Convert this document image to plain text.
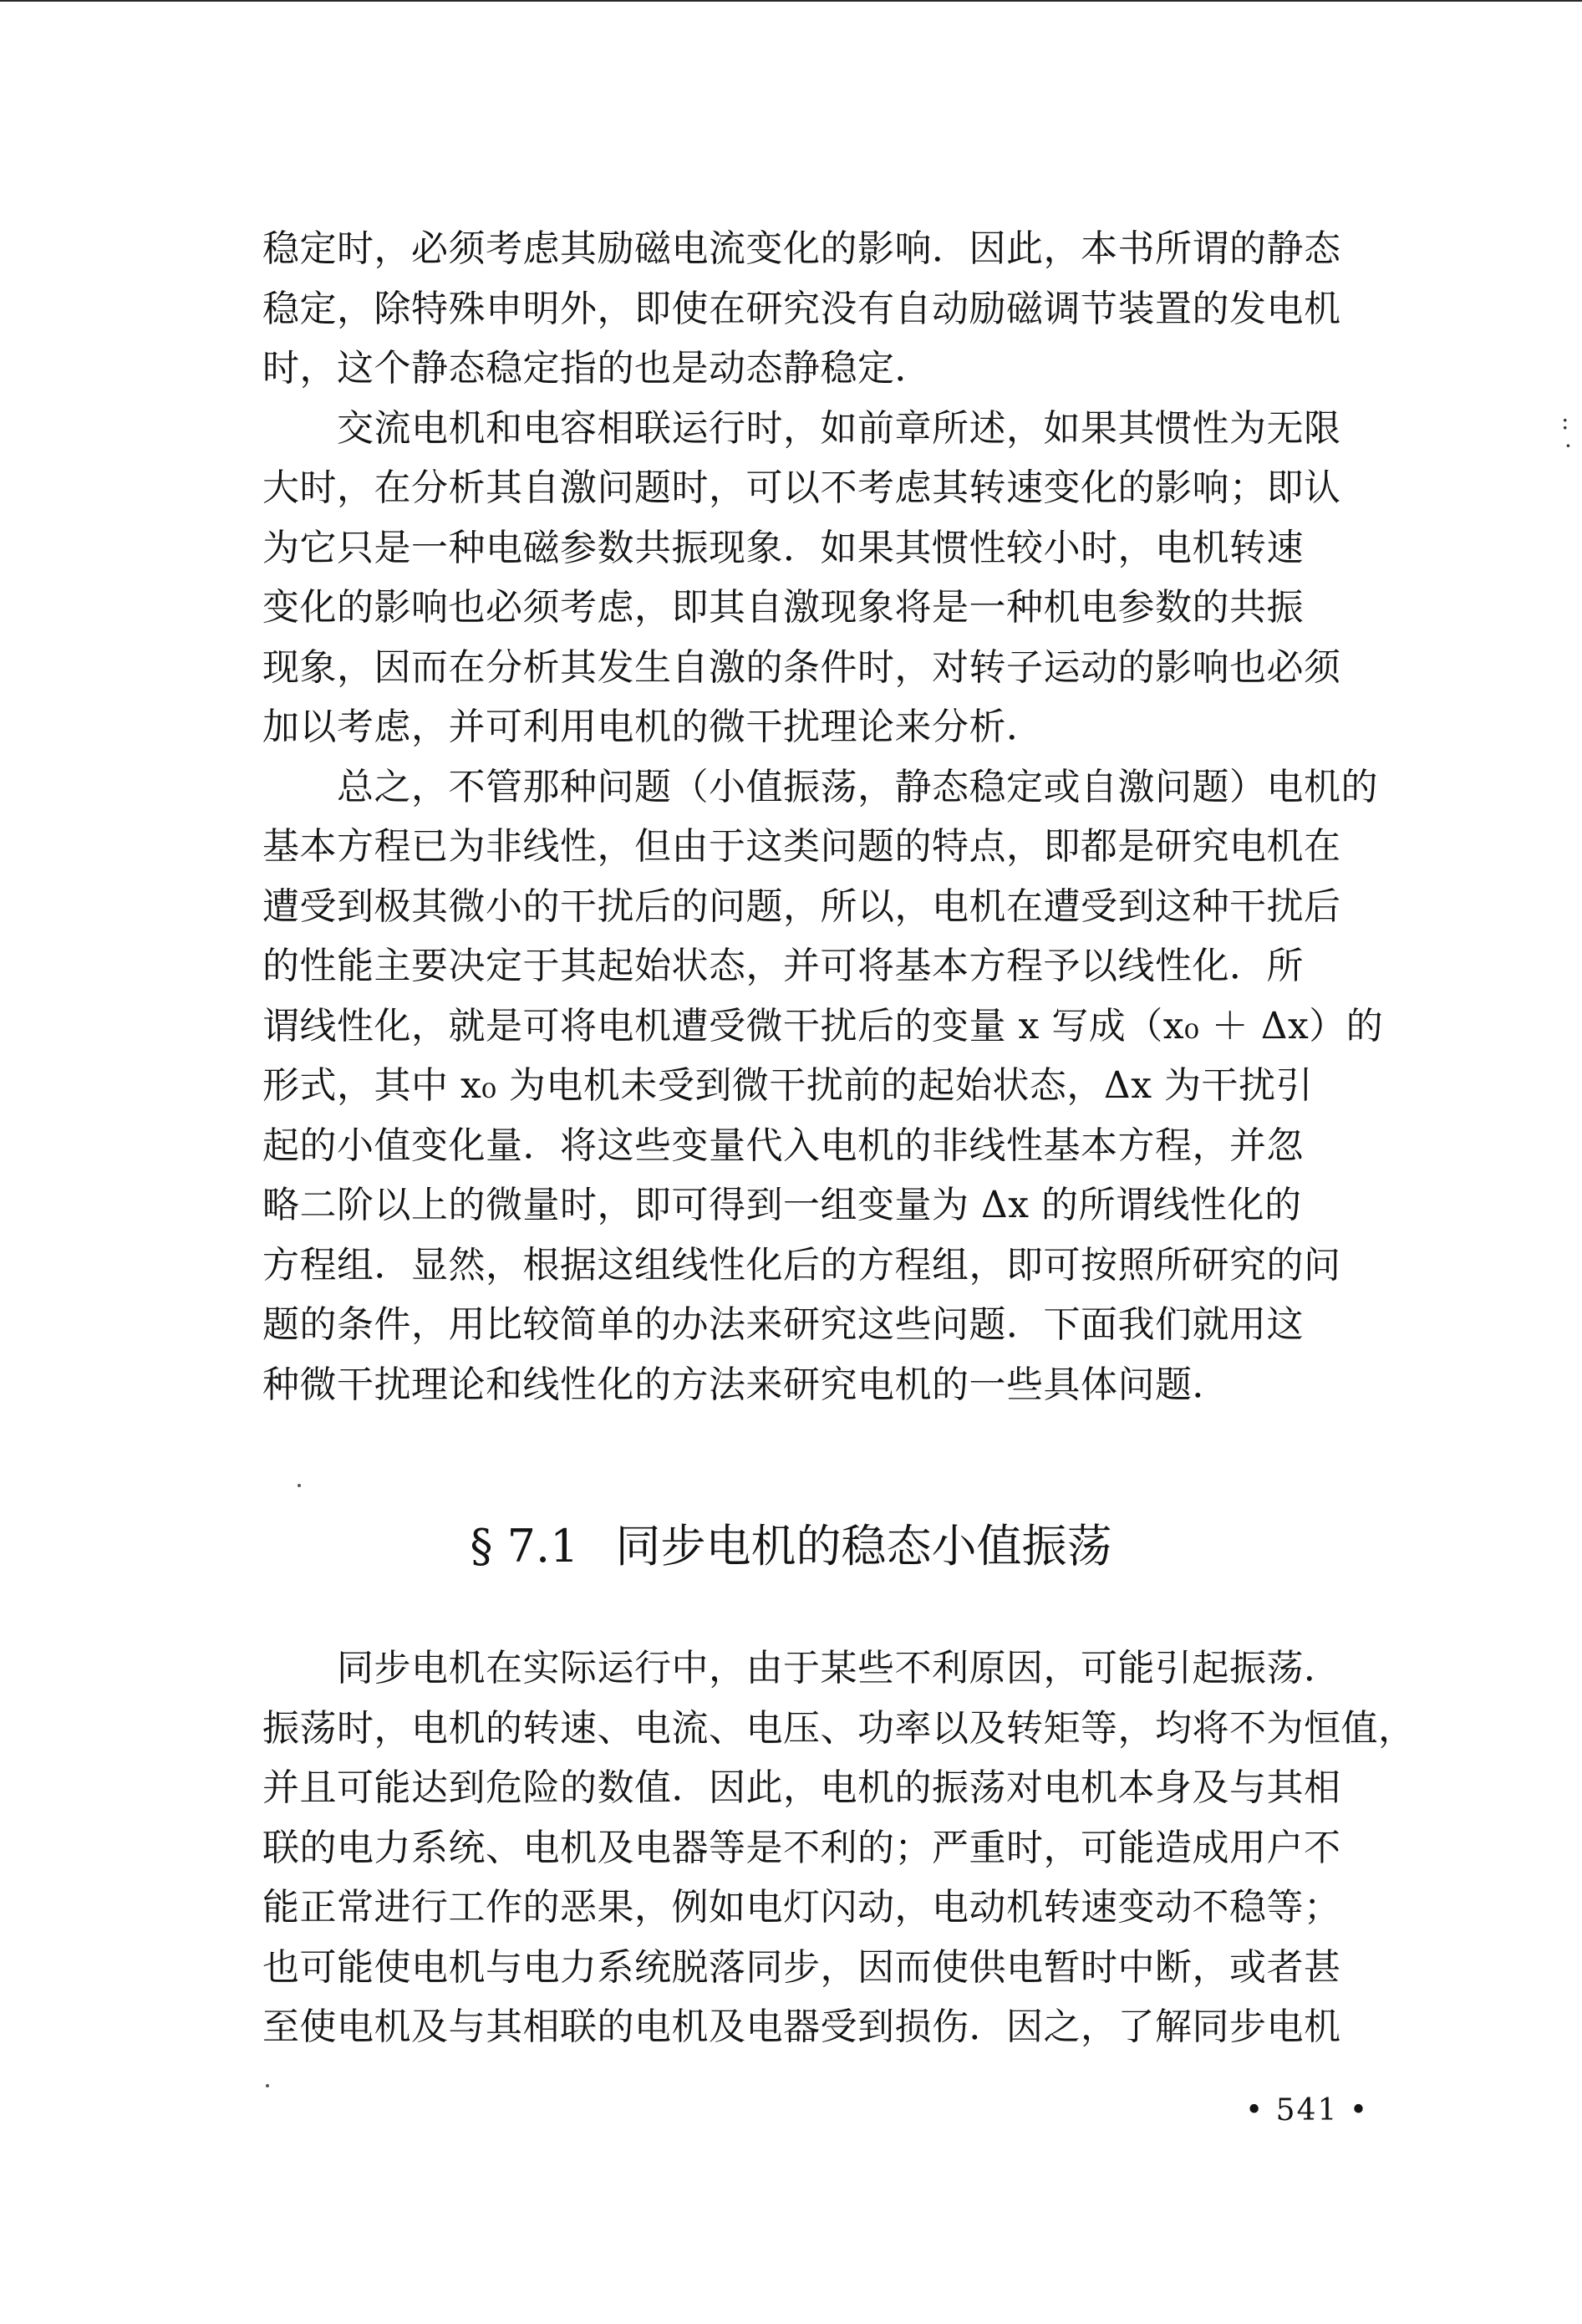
稳定时，必须考虑其励磁电流变化的影响．因此，本书所谓的静态
稳定，除特殊申明外，即使在研究没有自动励磁调节装置的发电机
时，这个静态稳定指的也是动态静稳定．
　　交流电机和电容相联运行时，如前章所述，如果其惯性为无限
大时，在分析其自激问题时，可以不考虑其转速变化的影响；即认
为它只是一种电磁参数共振现象．如果其惯性较小时，电机转速
变化的影响也必须考虑，即其自激现象将是一种机电参数的共振
现象，因而在分析其发生自激的条件时，对转子运动的影响也必须
加以考虑，并可利用电机的微干扰理论来分析．
　　总之，不管那种问题（小值振荡，静态稳定或自激问题）电机的
基本方程已为非线性，但由于这类问题的特点，即都是研究电机在
遭受到极其微小的干扰后的问题，所以，电机在遭受到这种干扰后
的性能主要决定于其起始状态，并可将基本方程予以线性化．所
谓线性化，就是可将电机遭受微干扰后的变量 x 写成（x₀ ＋ Δx）的
形式，其中 x₀ 为电机未受到微干扰前的起始状态，Δx 为干扰引
起的小值变化量．将这些变量代入电机的非线性基本方程，并忽
略二阶以上的微量时，即可得到一组变量为 Δx 的所谓线性化的
方程组．显然，根据这组线性化后的方程组，即可按照所研究的问
题的条件，用比较简单的办法来研究这些问题．下面我们就用这
种微干扰理论和线性化的方法来研究电机的一些具体问题．
§ 7.1 同步电机的稳态小值振荡
　　同步电机在实际运行中，由于某些不利原因，可能引起振荡．
振荡时，电机的转速、电流、电压、功率以及转矩等，均将不为恒值，
并且可能达到危险的数值．因此，电机的振荡对电机本身及与其相
联的电力系统、电机及电器等是不利的；严重时，可能造成用户不
能正常进行工作的恶果，例如电灯闪动，电动机转速变动不稳等；
也可能使电机与电力系统脱落同步，因而使供电暂时中断，或者甚
至使电机及与其相联的电机及电器受到损伤．因之，了解同步电机
• 541 •
:
·
